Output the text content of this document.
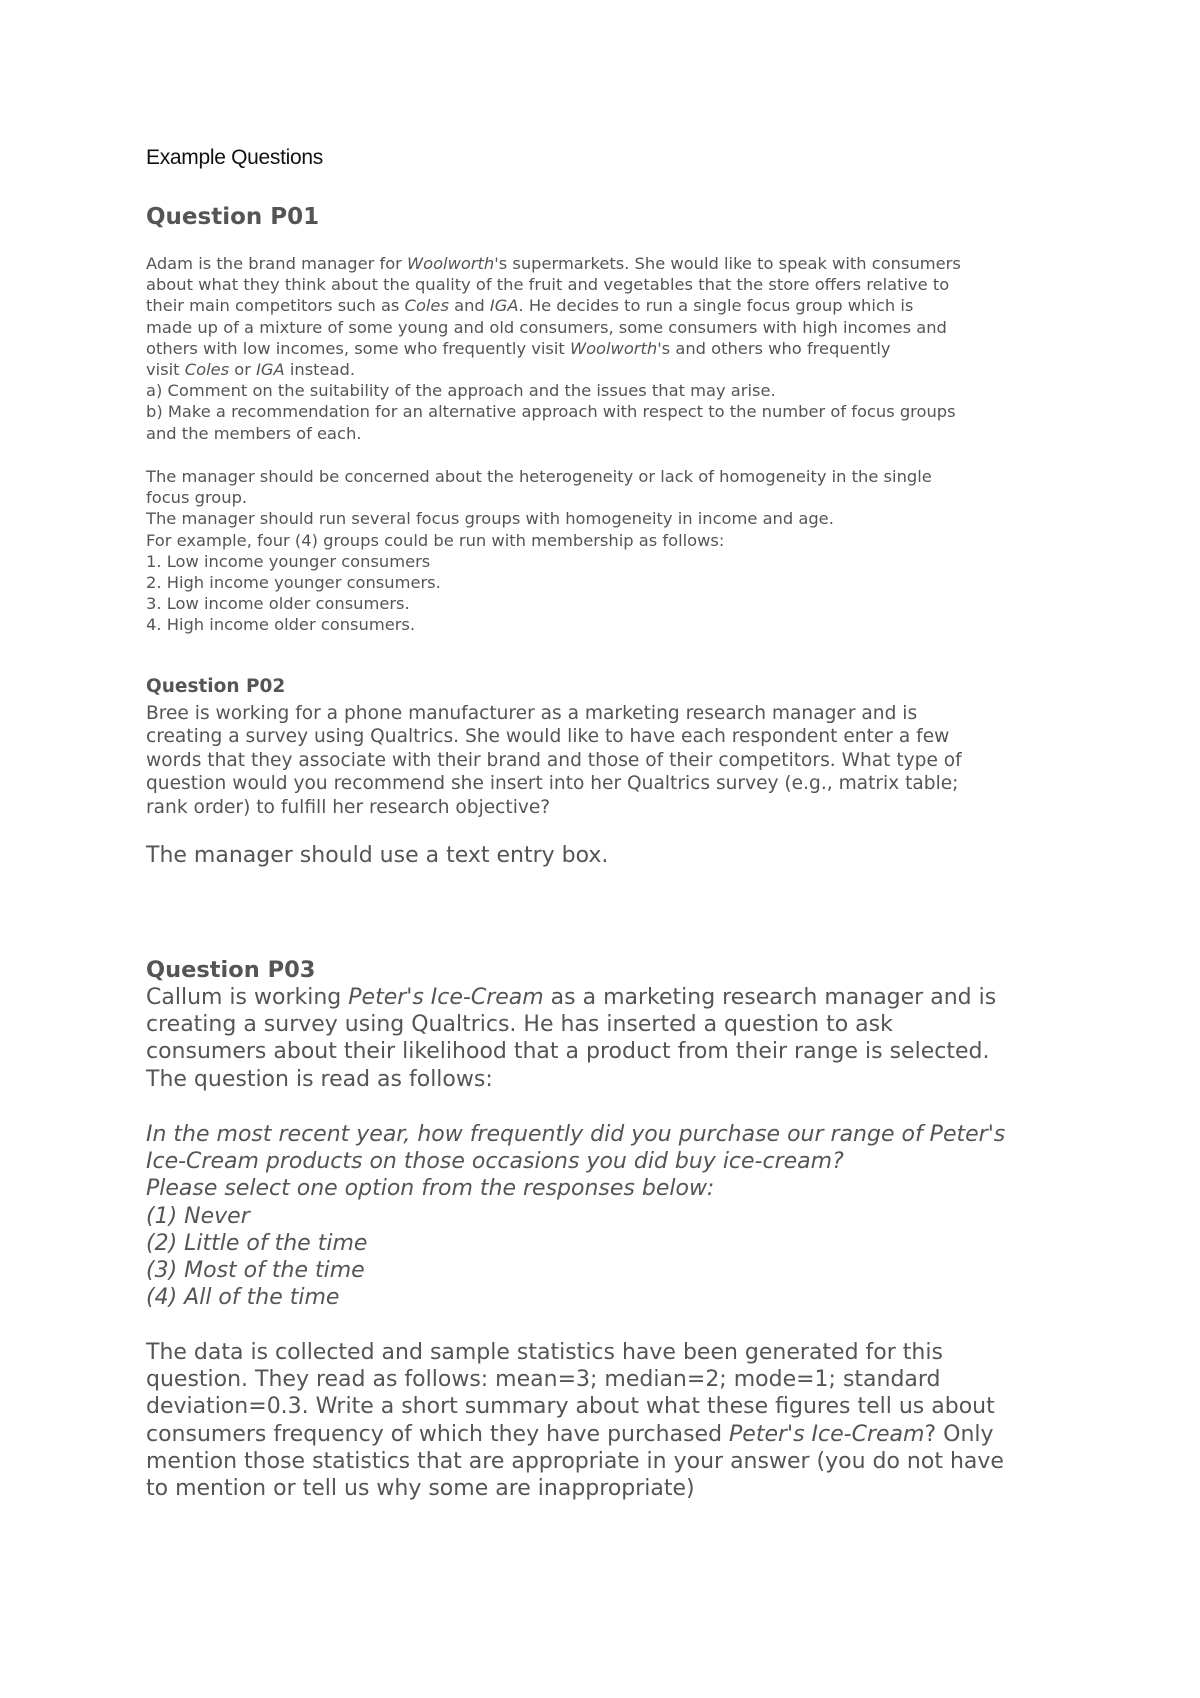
Example Questions
Question P01

Adam is the brand manager for Woolworth's supermarkets. She would like to speak with consumers

about what they think about the quality of the fruit and vegetables that the store offers relative to

their main competitors such as Coles and IGA. He decides to run a single focus group which is

made up of a mixture of some young and old consumers, some consumers with high incomes and

others with low incomes, some who frequently visit Woolworth's and others who frequently

visit Coles or IGA instead.

a) Comment on the suitability of the approach and the issues that may arise.

b) Make a recommendation for an alternative approach with respect to the number of focus groups

and the members of each.

The manager should be concerned about the heterogeneity or lack of homogeneity in the single

focus group.

The manager should run several focus groups with homogeneity in income and age.

For example, four (4) groups could be run with membership as follows:

1. Low income younger consumers

2. High income younger consumers.

3. Low income older consumers.

4. High income older consumers.

Question P02

Bree is working for a phone manufacturer as a marketing research manager and is

creating a survey using Qualtrics. She would like to have each respondent enter a few

words that they associate with their brand and those of their competitors. What type of

question would you recommend she insert into her Qualtrics survey (e.g., matrix table;

rank order) to fulfill her research objective?

The manager should use a text entry box.
Question P03

Callum is working Peter's Ice-Cream as a marketing research manager and is

creating a survey using Qualtrics. He has inserted a question to ask

consumers about their likelihood that a product from their range is selected.

The question is read as follows:

In the most recent year, how frequently did you purchase our range of Peter's

Ice-Cream products on those occasions you did buy ice-cream?

Please select one option from the responses below:

(1) Never

(2) Little of the time

(3) Most of the time

(4) All of the time

The data is collected and sample statistics have been generated for this

question. They read as follows: mean=3; median=2; mode=1; standard

deviation=0.3. Write a short summary about what these figures tell us about

consumers frequency of which they have purchased Peter's Ice-Cream? Only

mention those statistics that are appropriate in your answer (you do not have

to mention or tell us why some are inappropriate)
